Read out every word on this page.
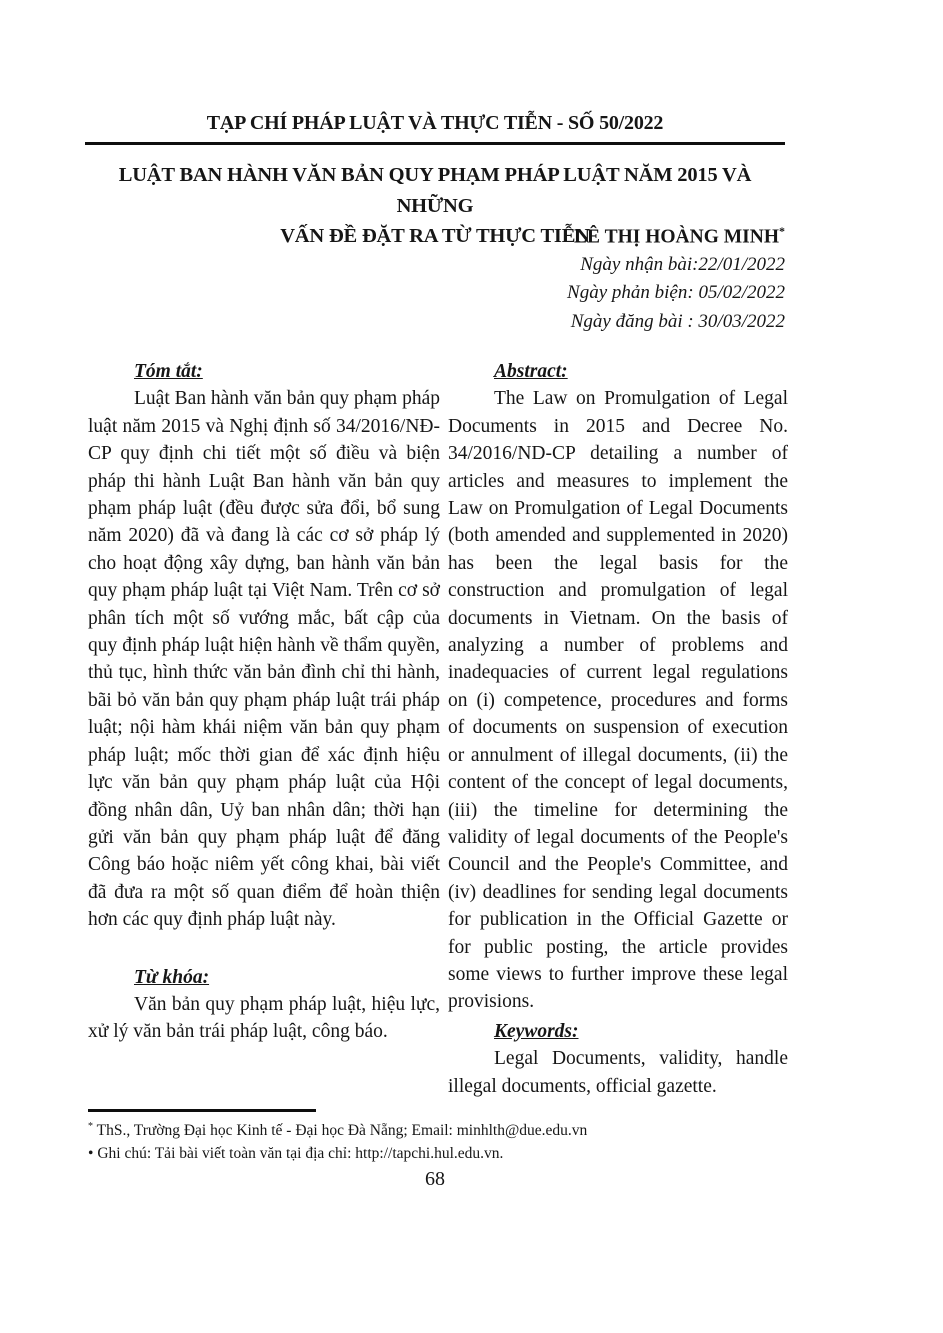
TẠP CHÍ PHÁP LUẬT VÀ THỰC TIỄN - SỐ 50/2022
LUẬT BAN HÀNH VĂN BẢN QUY PHẠM PHÁP LUẬT NĂM 2015 VÀ NHỮNG
VẤN ĐỀ ĐẶT RA TỪ THỰC TIỄN
LÊ THỊ HOÀNG MINH*
Ngày nhận bài:22/01/2022
Ngày phản biện: 05/02/2022
Ngày đăng bài : 30/03/2022

Tóm tắt:

Luật Ban hành văn bản quy phạm pháp luật năm 2015 và Nghị định số 34/2016/NĐ-CP quy định chi tiết một số điều và biện pháp thi hành Luật Ban hành văn bản quy phạm pháp luật (đều được sửa đổi, bổ sung năm 2020) đã và đang là các cơ sở pháp lý cho hoạt động xây dựng, ban hành văn bản quy phạm pháp luật tại Việt Nam. Trên cơ sở phân tích một số vướng mắc, bất cập của quy định pháp luật hiện hành về thẩm quyền, thủ tục, hình thức văn bản đình chỉ thi hành, bãi bỏ văn bản quy phạm pháp luật trái pháp luật; nội hàm khái niệm văn bản quy phạm pháp luật; mốc thời gian để xác định hiệu lực văn bản quy phạm pháp luật của Hội đồng nhân dân, Uỷ ban nhân dân; thời hạn gửi văn bản quy phạm pháp luật để đăng Công báo hoặc niêm yết công khai, bài viết đã đưa ra một số quan điểm để hoàn thiện hơn các quy định pháp luật này.

Từ khóa:

Văn bản quy phạm pháp luật, hiệu lực, xử lý văn bản trái pháp luật, công báo.

Abstract:

The Law on Promulgation of Legal Documents in 2015 and Decree No. 34/2016/ND-CP detailing a number of articles and measures to implement the Law on Promulgation of Legal Documents (both amended and supplemented in 2020) has been the legal basis for the construction and promulgation of legal documents in Vietnam. On the basis of analyzing a number of problems and inadequacies of current legal regulations on (i) competence, procedures and forms of documents on suspension of execution or annulment of illegal documents, (ii) the content of the concept of legal documents, (iii) the timeline for determining the validity of legal documents of the People's Council and the People's Committee, and (iv) deadlines for sending legal documents for publication in the Official Gazette or for public posting, the article provides some views to further improve these legal provisions.

Keywords:

Legal Documents, validity, handle illegal documents, official gazette.

* ThS., Trường Đại học Kinh tế - Đại học Đà Nẵng; Email: minhlth@due.edu.vn
• Ghi chú: Tải bài viết toàn văn tại địa chỉ: http://tapchi.hul.edu.vn.
68
